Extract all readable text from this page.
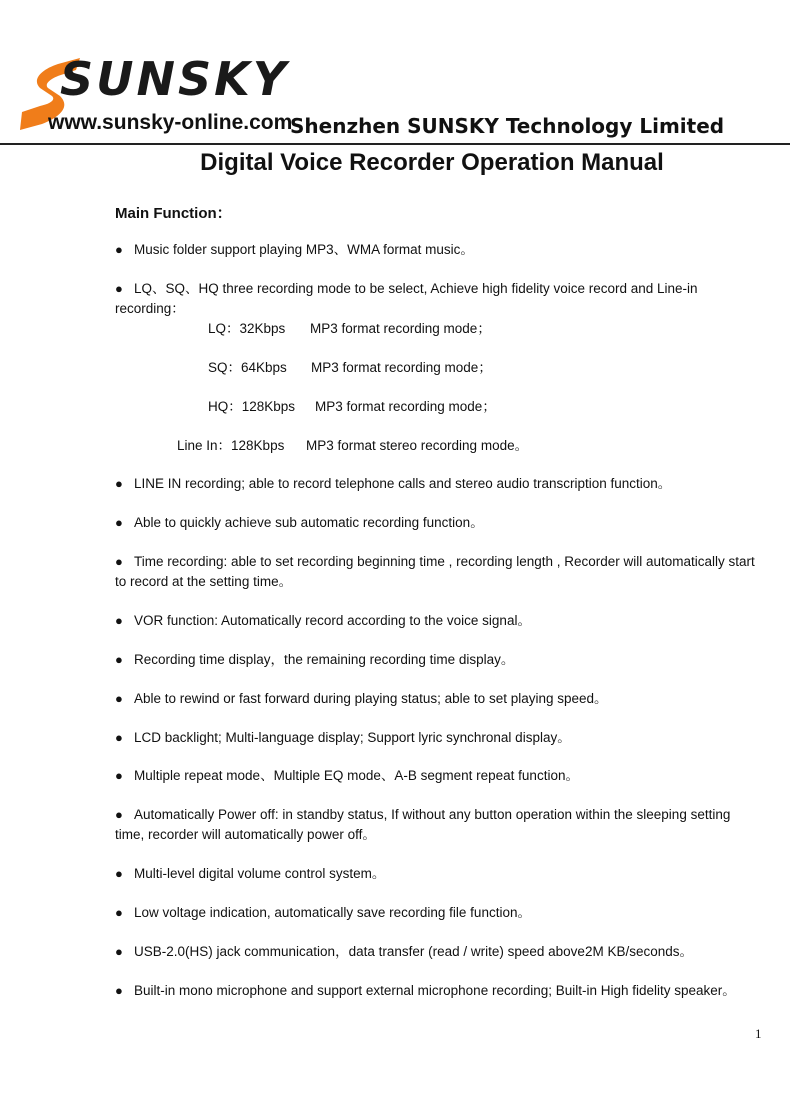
SUNSKY
www.sunsky-online.com
Shenzhen SUNSKY Technology Limited
Digital Voice Recorder Operation Manual
Main Function：
● Music folder support playing MP3、WMA format music。
● LQ、SQ、HQ three recording mode to be select, Achieve high fidelity voice record and Line-in recording：
LQ：32Kbps MP3 format recording mode；
SQ：64Kbps MP3 format recording mode；
HQ：128Kbps MP3 format recording mode；
Line In：128Kbps MP3 format stereo recording mode。
● LINE IN recording; able to record telephone calls and stereo audio transcription function。
● Able to quickly achieve sub automatic recording function。
● Time recording: able to set recording beginning time , recording length , Recorder will automatically start to record at the setting time。
● VOR function: Automatically record according to the voice signal。
● Recording time display，the remaining recording time display。
● Able to rewind or fast forward during playing status; able to set playing speed。
● LCD backlight; Multi-language display; Support lyric synchronal display。
● Multiple repeat mode、Multiple EQ mode、A-B segment repeat function。
● Automatically Power off: in standby status, If without any button operation within the sleeping setting time, recorder will automatically power off。
● Multi-level digital volume control system。
● Low voltage indication, automatically save recording file function。
● USB-2.0(HS) jack communication，data transfer (read / write) speed above2M KB/seconds。
● Built-in mono microphone and support external microphone recording; Built-in High fidelity speaker。
1
